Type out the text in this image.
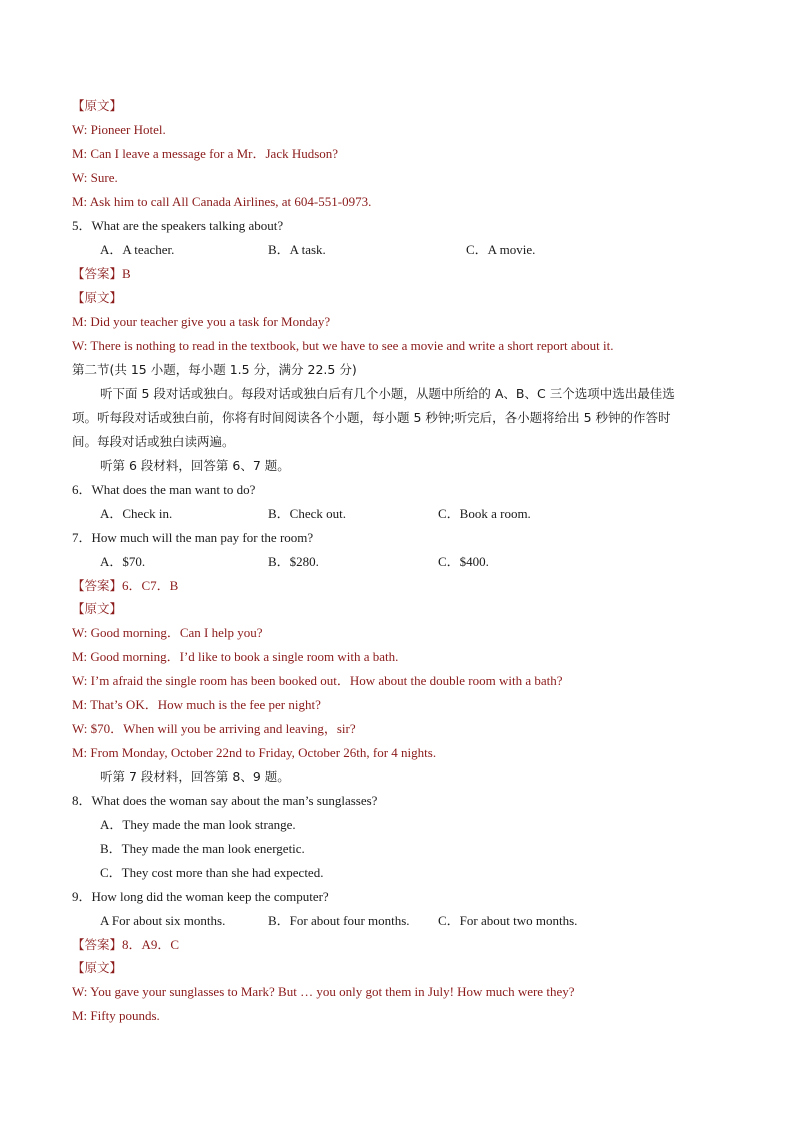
【原文】
W: Pioneer Hotel.
M: Can I leave a message for a Mr．Jack Hudson?
W: Sure.
M: Ask him to call All Canada Airlines, at 604-551-0973.
5．What are the speakers talking about?
A．A teacher.	B．A task.	C．A movie.
【答案】B
【原文】
M: Did your teacher give you a task for Monday?
W: There is nothing to read in the textbook, but we have to see a movie and write a short report about it.
第二节(共 15 小题，每小题 1.5 分，满分 22.5 分)
听下面 5 段对话或独白。每段对话或独白后有几个小题，从题中所给的 A、B、C 三个选项中选出最佳选项。听每段对话或独白前，你将有时间阅读各个小题，每小题 5 秒钟;听完后，各小题将给出 5 秒钟的作答时间。每段对话或独白读两遍。
听第 6 段材料，回答第 6、7 题。
6．What does the man want to do?
A．Check in.	B．Check out.	C．Book a room.
7．How much will the man pay for the room?
A．$70.	B．$280.	C．$400.
【答案】6．C7．B
【原文】
W: Good morning．Can I help you?
M: Good morning．I’d like to book a single room with a bath.
W: I’m afraid the single room has been booked out．How about the double room with a bath?
M: That’s OK．How much is the fee per night?
W: $70．When will you be arriving and leaving，sir?
M: From Monday, October 22nd to Friday, October 26th, for 4 nights.
听第 7 段材料，回答第 8、9 题。
8．What does the woman say about the man’s sunglasses?
A．They made the man look strange.
B．They made the man look energetic.
C．They cost more than she had expected.
9．How long did the woman keep the computer?
A For about six months.	B．For about four months. C．For about two months.
【答案】8．A9．C
【原文】
W: You gave your sunglasses to Mark? But … you only got them in July! How much were they?
M: Fifty pounds.
